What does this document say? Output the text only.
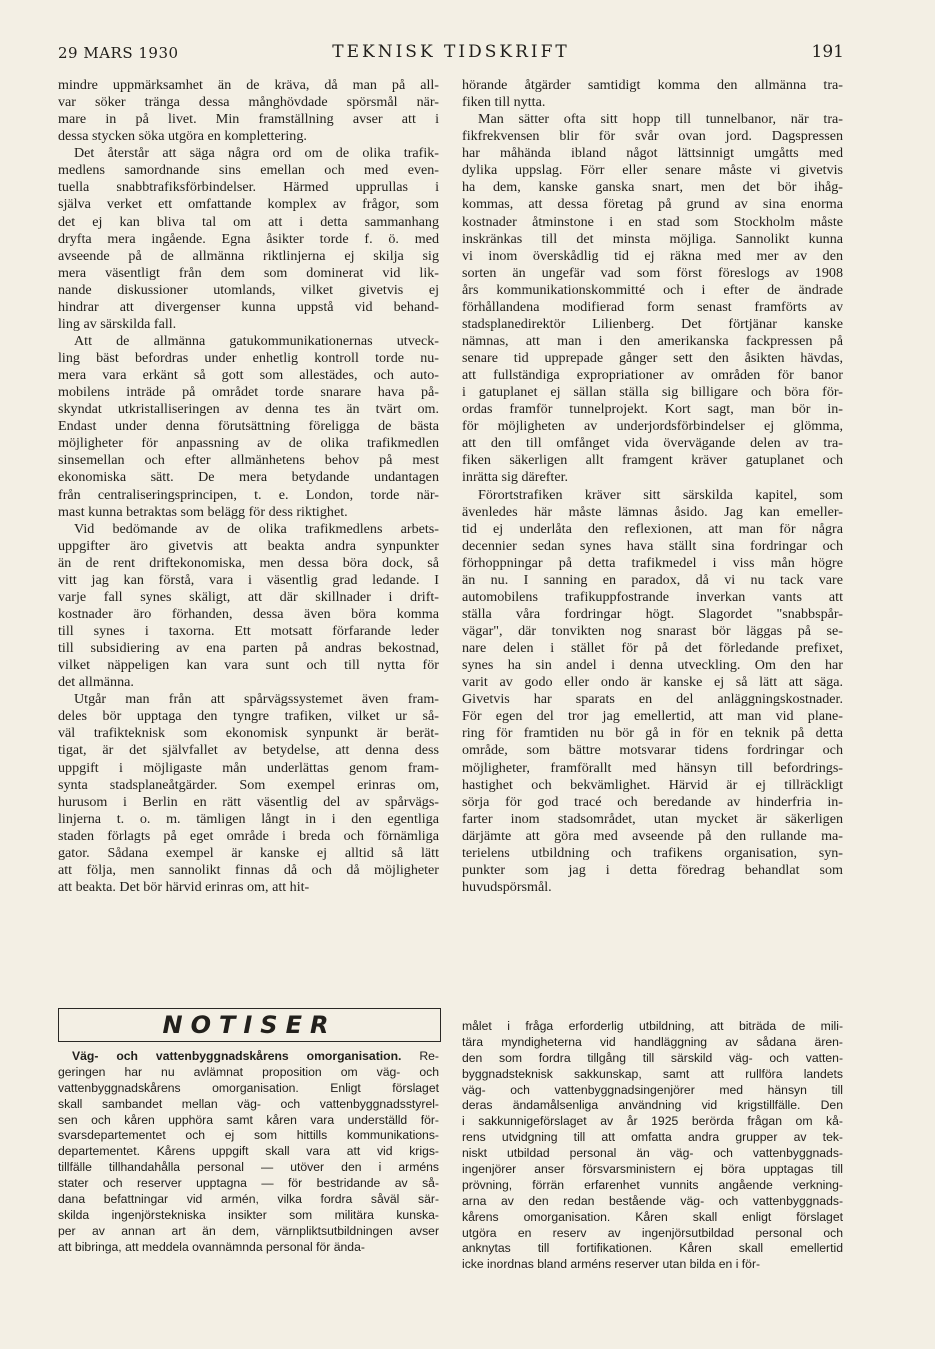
29 MARS 1930	TEKNISK TIDSKRIFT	191
mindre uppmärksamhet än de kräva, då man på all-
var söker tränga dessa månghövdade spörsmål när-
mare in på livet. Min framställning avser att i
dessa stycken söka utgöra en komplettering.
Det återstår att säga några ord om de olika trafik-
medlens samordnande sins emellan och med even-
tuella snabbtrafiksförbindelser. Härmed upprullas i
själva verket ett omfattande komplex av frågor, som
det ej kan bliva tal om att i detta sammanhang
dryfta mera ingående. Egna åsikter torde f. ö. med
avseende på de allmänna riktlinjerna ej skilja sig
mera väsentligt från dem som dominerat vid lik-
nande diskussioner utomlands, vilket givetvis ej
hindrar att divergenser kunna uppstå vid behand-
ling av särskilda fall.
Att de allmänna gatukommunikationernas utveck-
ling bäst befordras under enhetlig kontroll torde nu-
mera vara erkänt så gott som allestädes, och auto-
mobilens inträde på området torde snarare hava på-
skyndat utkristalliseringen av denna tes än tvärt om.
Endast under denna förutsättning föreligga de bästa
möjligheter för anpassning av de olika trafikmedlen
sinsemellan och efter allmänhetens behov på mest
ekonomiska sätt. De mera betydande undantagen
från centraliseringsprincipen, t. e. London, torde när-
mast kunna betraktas som belägg för dess riktighet.
Vid bedömande av de olika trafikmedlens arbets-
uppgifter äro givetvis att beakta andra synpunkter
än de rent driftekonomiska, men dessa böra dock, så
vitt jag kan förstå, vara i väsentlig grad ledande. I
varje fall synes skäligt, att där skillnader i drift-
kostnader äro förhanden, dessa även böra komma
till synes i taxorna. Ett motsatt förfarande leder
till subsidiering av ena parten på andras bekostnad,
vilket näppeligen kan vara sunt och till nytta för
det allmänna.
Utgår man från att spårvägssystemet även fram-
deles bör upptaga den tyngre trafiken, vilket ur så-
väl trafikteknisk som ekonomisk synpunkt är berät-
tigat, är det självfallet av betydelse, att denna dess
uppgift i möjligaste mån underlättas genom fram-
synta stadsplaneåtgärder. Som exempel erinras om,
hurusom i Berlin en rätt väsentlig del av spårvägs-
linjerna t. o. m. tämligen långt in i den egentliga
staden förlagts på eget område i breda och förnämliga
gator. Sådana exempel är kanske ej alltid så lätt
att följa, men sannolikt finnas då och då möjligheter
att beakta. Det bör härvid erinras om, att hit-
hörande åtgärder samtidigt komma den allmänna tra-
fiken till nytta.
Man sätter ofta sitt hopp till tunnelbanor, när tra-
fikfrekvensen blir för svår ovan jord. Dagspressen
har måhända ibland något lättsinnigt umgåtts med
dylika uppslag. Förr eller senare måste vi givetvis
ha dem, kanske ganska snart, men det bör ihåg-
kommas, att dessa företag på grund av sina enorma
kostnader åtminstone i en stad som Stockholm måste
inskränkas till det minsta möjliga. Sannolikt kunna
vi inom överskådlig tid ej räkna med mer av den
sorten än ungefär vad som först föreslogs av 1908
års kommunikationskommitté och i efter de ändrade
förhållandena modifierad form senast framförts av
stadsplanedirektör Lilienberg. Det förtjänar kanske
nämnas, att man i den amerikanska fackpressen på
senare tid upprepade gånger sett den åsikten hävdas,
att fullständiga expropriationer av områden för banor
i gatuplanet ej sällan ställa sig billigare och böra för-
ordas framför tunnelprojekt. Kort sagt, man bör in-
för möjligheten av underjordsförbindelser ej glömma,
att den till omfånget vida övervägande delen av tra-
fiken säkerligen allt framgent kräver gatuplanet och
inrätta sig därefter.
Förortstrafiken kräver sitt särskilda kapitel, som
ävenledes här måste lämnas åsido. Jag kan emeller-
tid ej underlåta den reflexionen, att man för några
decennier sedan synes hava ställt sina fordringar och
förhoppningar på detta trafikmedel i viss mån högre
än nu. I sanning en paradox, då vi nu tack vare
automobilens trafikuppfostrande inverkan vants att
ställa våra fordringar högt. Slagordet "snabbspår-
vägar", där tonvikten nog snarast bör läggas på se-
nare delen i stället för på det förledande prefixet,
synes ha sin andel i denna utveckling. Om den har
varit av godo eller ondo är kanske ej så lätt att säga.
Givetvis har sparats en del anläggningskostnader.
För egen del tror jag emellertid, att man vid plane-
ring för framtiden nu bör gå in för en teknik på detta
område, som bättre motsvarar tidens fordringar och
möjligheter, framförallt med hänsyn till befordrings-
hastighet och bekvämlighet. Härvid är ej tillräckligt
sörja för god tracé och beredande av hinderfria in-
farter inom stadsområdet, utan mycket är säkerligen
därjämte att göra med avseende på den rullande ma-
terielens utbildning och trafikens organisation, syn-
punkter som jag i detta föredrag behandlat som
huvudspörsmål.
NOTISER
Väg- och vattenbyggnadskårens omorganisation. Re-
geringen har nu avlämnat proposition om väg- och
vattenbyggnadskårens omorganisation. Enligt förslaget
skall sambandet mellan väg- och vattenbyggnadsstyrel-
sen och kåren upphöra samt kåren vara underställd för-
svarsdepartementet och ej som hittills kommunikations-
departementet. Kårens uppgift skall vara att vid krigs-
tillfälle tillhandahålla personal — utöver den i arméns
stater och reserver upptagna — för bestridande av så-
dana befattningar vid armén, vilka fordra såväl sär-
skilda ingenjörstekniska insikter som militära kunska-
per av annan art än dem, värnpliktsutbildningen avser
att bibringa, att meddela ovannämnda personal för ända-
målet i fråga erforderlig utbildning, att biträda de mili-
tära myndigheterna vid handläggning av sådana ären-
den som fordra tillgång till särskild väg- och vatten-
byggnadsteknisk sakkunskap, samt att rullföra landets
väg- och vattenbyggnadsingenjörer med hänsyn till
deras ändamålsenliga användning vid krigstillfälle. Den
i sakkunnigeförslaget av år 1925 berörda frågan om kå-
rens utvidgning till att omfatta andra grupper av tek-
niskt utbildad personal än väg- och vattenbyggnads-
ingenjörer anser försvarsministern ej böra upptagas till
prövning, förrän erfarenhet vunnits angående verkning-
arna av den redan bestående väg- och vattenbyggnads-
kårens omorganisation. Kåren skall enligt förslaget
utgöra en reserv av ingenjörsutbildad personal och
anknytas till fortifikationen. Kåren skall emellertid
icke inordnas bland arméns reserver utan bilda en i för-
